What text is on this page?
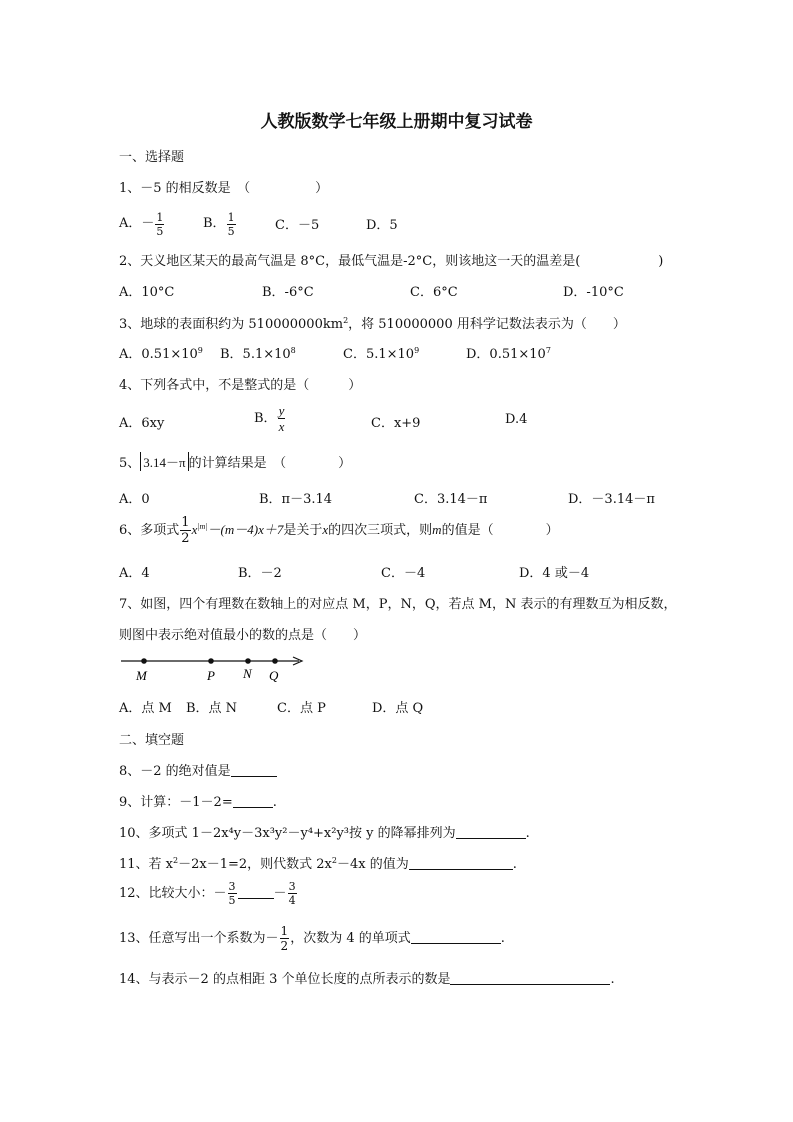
人教版数学七年级上册期中复习试卷
一、选择题
1、－5 的相反数是　（　　　　　）
A．－ $\frac{1}{5}$	B． $\frac{1}{5}$	C．－5	D．5
2、天义地区某天的最高气温是 8°C，最低气温是-2°C，则该地这一天的温差是(　　　　　　)
A．10°C	B．-6°C	C．6°C	D．-10°C
3、地球的表面积约为 $510000000km^2$，将 510000000 用科学记数法表示为（　　）
A．$0.51\times 10^9$ B．$5.1\times 10^8$	C．$5.1\times 10^9$	D．$0.51\times 10^7$
4、下列各式中，不是整式的是（　　　）
A．6xy	B． $\frac{y}{x}$	C．x+9	D.4
5、 3.14－π 的计算结果是　（　　　　）
A．0	B．π－3.14	C．3.14－π	D．－3.14－π
6、多项式 $\frac{1}{2} x^{|m|}-(m-4)x+7$是关于x的四次三项式，则m的值是（　　　　）
A．4	B．－2	C．－4	D．4 或－4
7、如图，四个有理数在数轴上的对应点 M，P，N，Q，若点 M，N 表示的有理数互为相反数，
则图中表示绝对值最小的数的点是（　　）
M	P N Q
A．点 M B．点 N	C．点 P	D．点 Q
二、填空题
8、－2 的绝对值是
9、计算：－1－2=	.
10、多项式 1－2x⁴y－3x³y²－y⁴+x²y³按 y 的降幂排列为	.
11、若 $x^2-2x-1=2$，则代数式 $2x^2-4x$ 的值为	.
12、比较大小：－ $\frac{3}{5}$	－ $\frac{3}{4}$
13、任意写出一个系数为－ $\frac{1}{2}$ ，次数为 4 的单项式	.
14、与表示－2 的点相距 3 个单位长度的点所表示的数是	.
